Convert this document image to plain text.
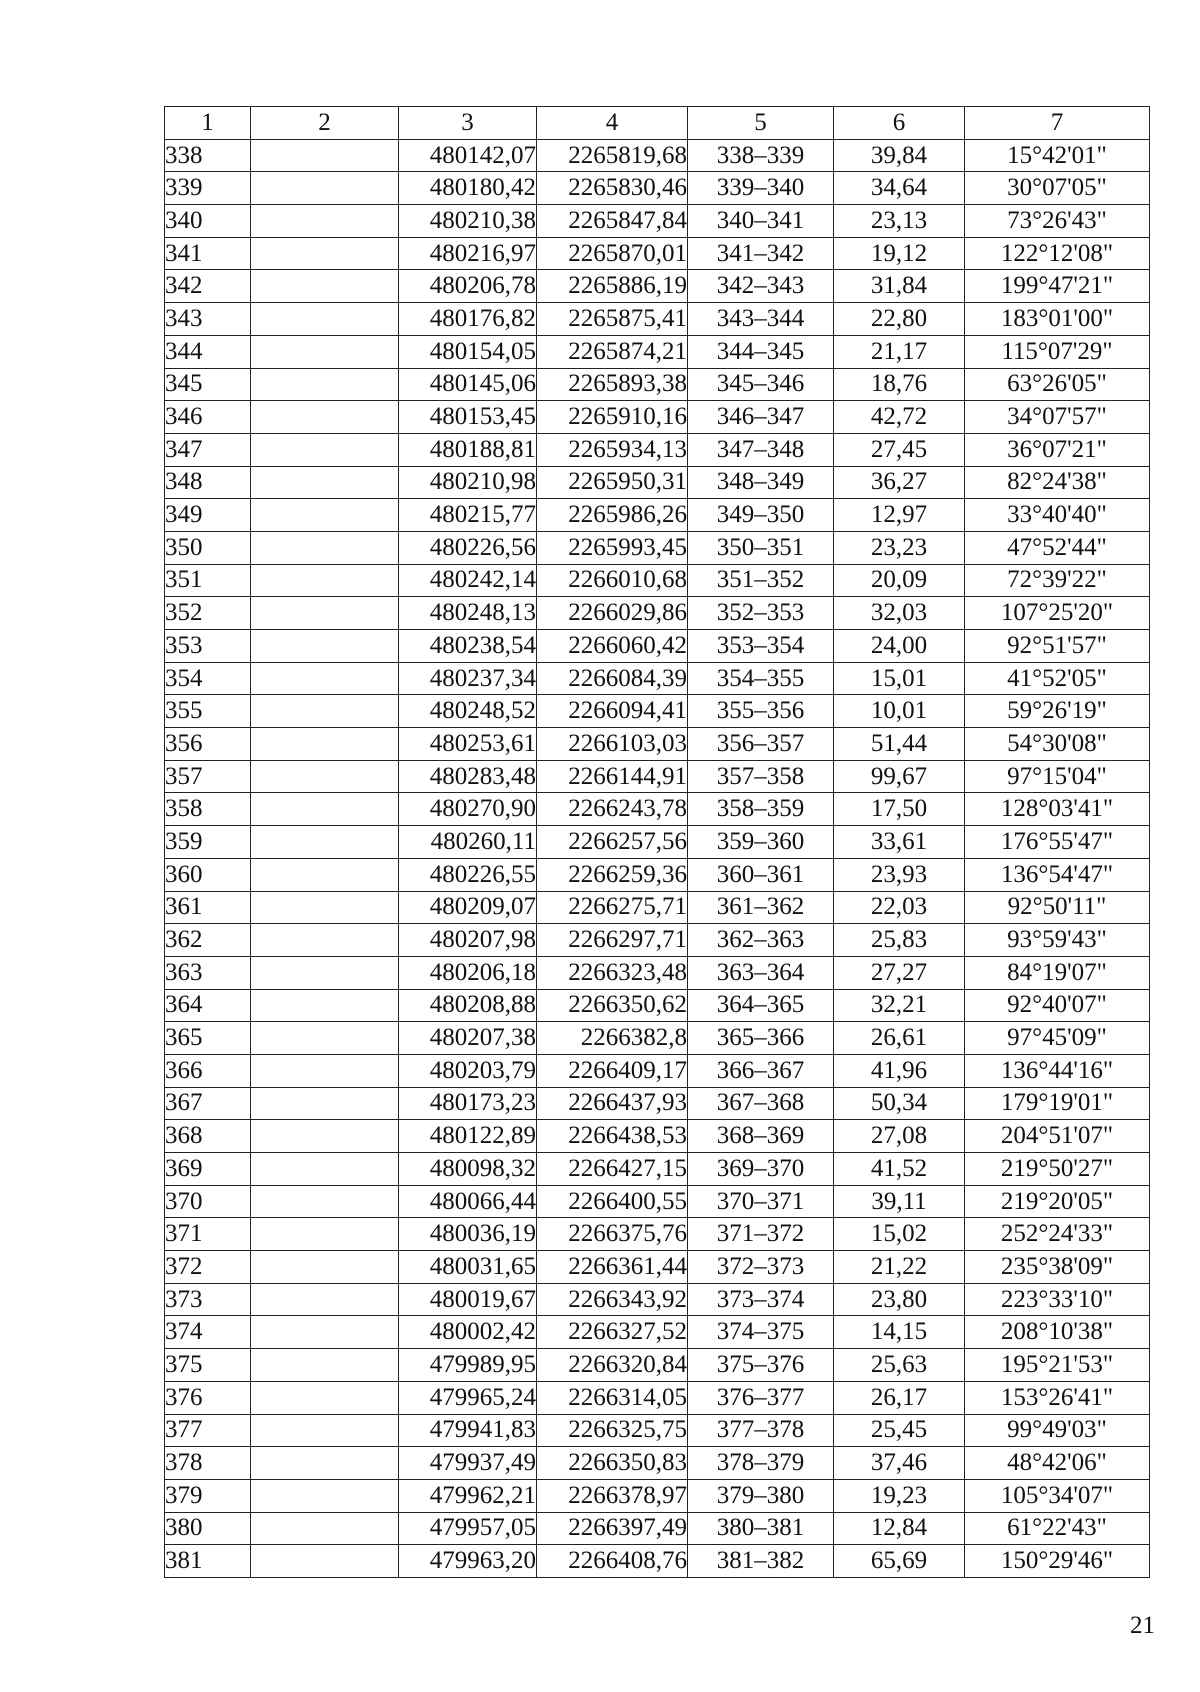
1	2	3	4	5	6	7
338		480142,07	2265819,68	338–339	39,84	15°42'01"
339		480180,42	2265830,46	339–340	34,64	30°07'05"
340		480210,38	2265847,84	340–341	23,13	73°26'43"
341		480216,97	2265870,01	341–342	19,12	122°12'08"
342		480206,78	2265886,19	342–343	31,84	199°47'21"
343		480176,82	2265875,41	343–344	22,80	183°01'00"
344		480154,05	2265874,21	344–345	21,17	115°07'29"
345		480145,06	2265893,38	345–346	18,76	63°26'05"
346		480153,45	2265910,16	346–347	42,72	34°07'57"
347		480188,81	2265934,13	347–348	27,45	36°07'21"
348		480210,98	2265950,31	348–349	36,27	82°24'38"
349		480215,77	2265986,26	349–350	12,97	33°40'40"
350		480226,56	2265993,45	350–351	23,23	47°52'44"
351		480242,14	2266010,68	351–352	20,09	72°39'22"
352		480248,13	2266029,86	352–353	32,03	107°25'20"
353		480238,54	2266060,42	353–354	24,00	92°51'57"
354		480237,34	2266084,39	354–355	15,01	41°52'05"
355		480248,52	2266094,41	355–356	10,01	59°26'19"
356		480253,61	2266103,03	356–357	51,44	54°30'08"
357		480283,48	2266144,91	357–358	99,67	97°15'04"
358		480270,90	2266243,78	358–359	17,50	128°03'41"
359		480260,11	2266257,56	359–360	33,61	176°55'47"
360		480226,55	2266259,36	360–361	23,93	136°54'47"
361		480209,07	2266275,71	361–362	22,03	92°50'11"
362		480207,98	2266297,71	362–363	25,83	93°59'43"
363		480206,18	2266323,48	363–364	27,27	84°19'07"
364		480208,88	2266350,62	364–365	32,21	92°40'07"
365		480207,38	2266382,8	365–366	26,61	97°45'09"
366		480203,79	2266409,17	366–367	41,96	136°44'16"
367		480173,23	2266437,93	367–368	50,34	179°19'01"
368		480122,89	2266438,53	368–369	27,08	204°51'07"
369		480098,32	2266427,15	369–370	41,52	219°50'27"
370		480066,44	2266400,55	370–371	39,11	219°20'05"
371		480036,19	2266375,76	371–372	15,02	252°24'33"
372		480031,65	2266361,44	372–373	21,22	235°38'09"
373		480019,67	2266343,92	373–374	23,80	223°33'10"
374		480002,42	2266327,52	374–375	14,15	208°10'38"
375		479989,95	2266320,84	375–376	25,63	195°21'53"
376		479965,24	2266314,05	376–377	26,17	153°26'41"
377		479941,83	2266325,75	377–378	25,45	99°49'03"
378		479937,49	2266350,83	378–379	37,46	48°42'06"
379		479962,21	2266378,97	379–380	19,23	105°34'07"
380		479957,05	2266397,49	380–381	12,84	61°22'43"
381		479963,20	2266408,76	381–382	65,69	150°29'46"
21
